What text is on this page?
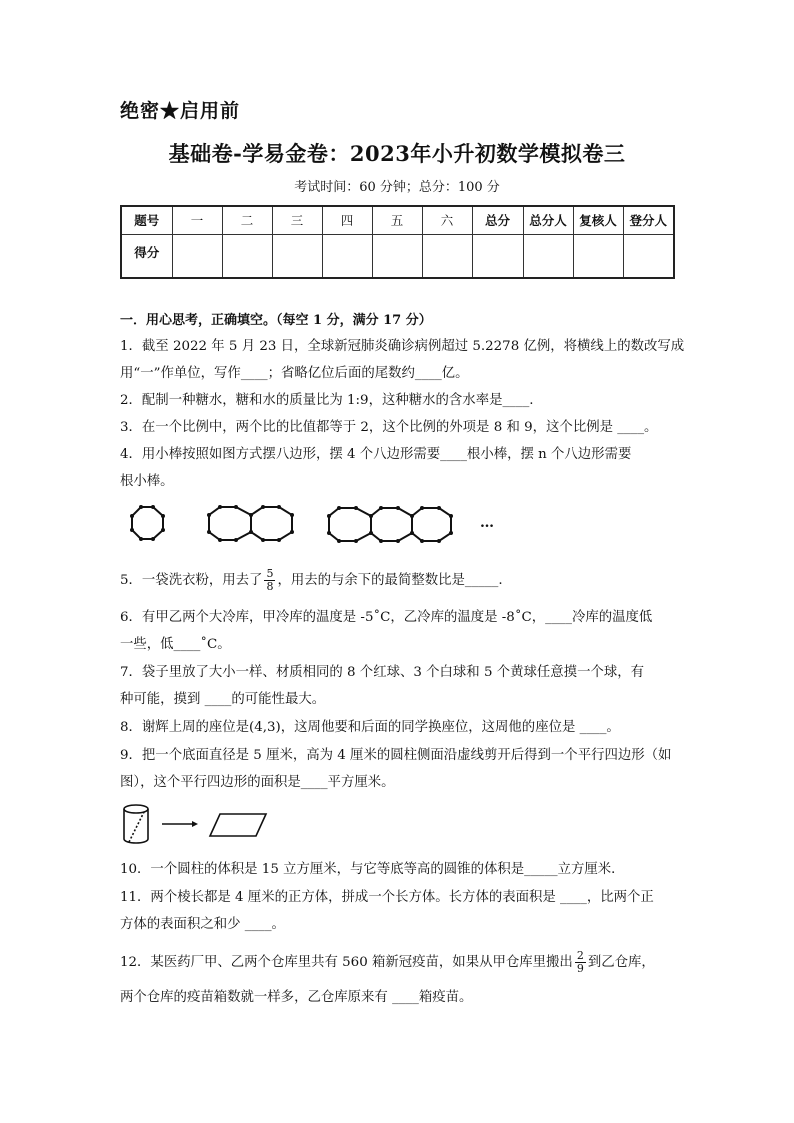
绝密★启用前
基础卷-学易金卷：2023年小升初数学模拟卷三
考试时间：60 分钟；总分：100 分
题号	一	二	三	四	五	六	总分	总分人	复核人	登分人
得分										
一．用心思考，正确填空。（每空 1 分，满分 17 分）
1．截至 2022 年 5 月 23 日，全球新冠肺炎确诊病例超过 5.2278 亿例，将横线上的数改写成
用“一”作单位，写作____；省略亿位后面的尾数约____亿。
2．配制一种糖水，糖和水的质量比为 1:9，这种糖水的含水率是____.
3．在一个比例中，两个比的比值都等于 2，这个比例的外项是 8 和 9，这个比例是 ____。
4．用小棒按照如图方式摆八边形，摆 4 个八边形需要____根小棒，摆 n 个八边形需要
根小棒。
…
5．一袋洗衣粉，用去了 $\frac{5}{8}$ ，用去的与余下的最简整数比是_____.
6．有甲乙两个大冷库，甲冷库的温度是 -5˚C，乙冷库的温度是 -8˚C，____冷库的温度低
一些，低____˚C。
7．袋子里放了大小一样、材质相同的 8 个红球、3 个白球和 5 个黄球任意摸一个球，有
种可能，摸到 ____的可能性最大。
8．谢辉上周的座位是(4,3)，这周他要和后面的同学换座位，这周他的座位是 ____。
9．把一个底面直径是 5 厘米，高为 4 厘米的圆柱侧面沿虚线剪开后得到一个平行四边形（如
图），这个平行四边形的面积是____平方厘米。
10．一个圆柱的体积是 15 立方厘米，与它等底等高的圆锥的体积是_____立方厘米．
11．两个棱长都是 4 厘米的正方体，拼成一个长方体。长方体的表面积是 ____，比两个正
方体的表面积之和少 ____。
12．某医药厂甲、乙两个仓库里共有 560 箱新冠疫苗，如果从甲仓库里搬出 $\frac{2}{9}$ 到乙仓库，
两个仓库的疫苗箱数就一样多，乙仓库原来有 ____箱疫苗。
